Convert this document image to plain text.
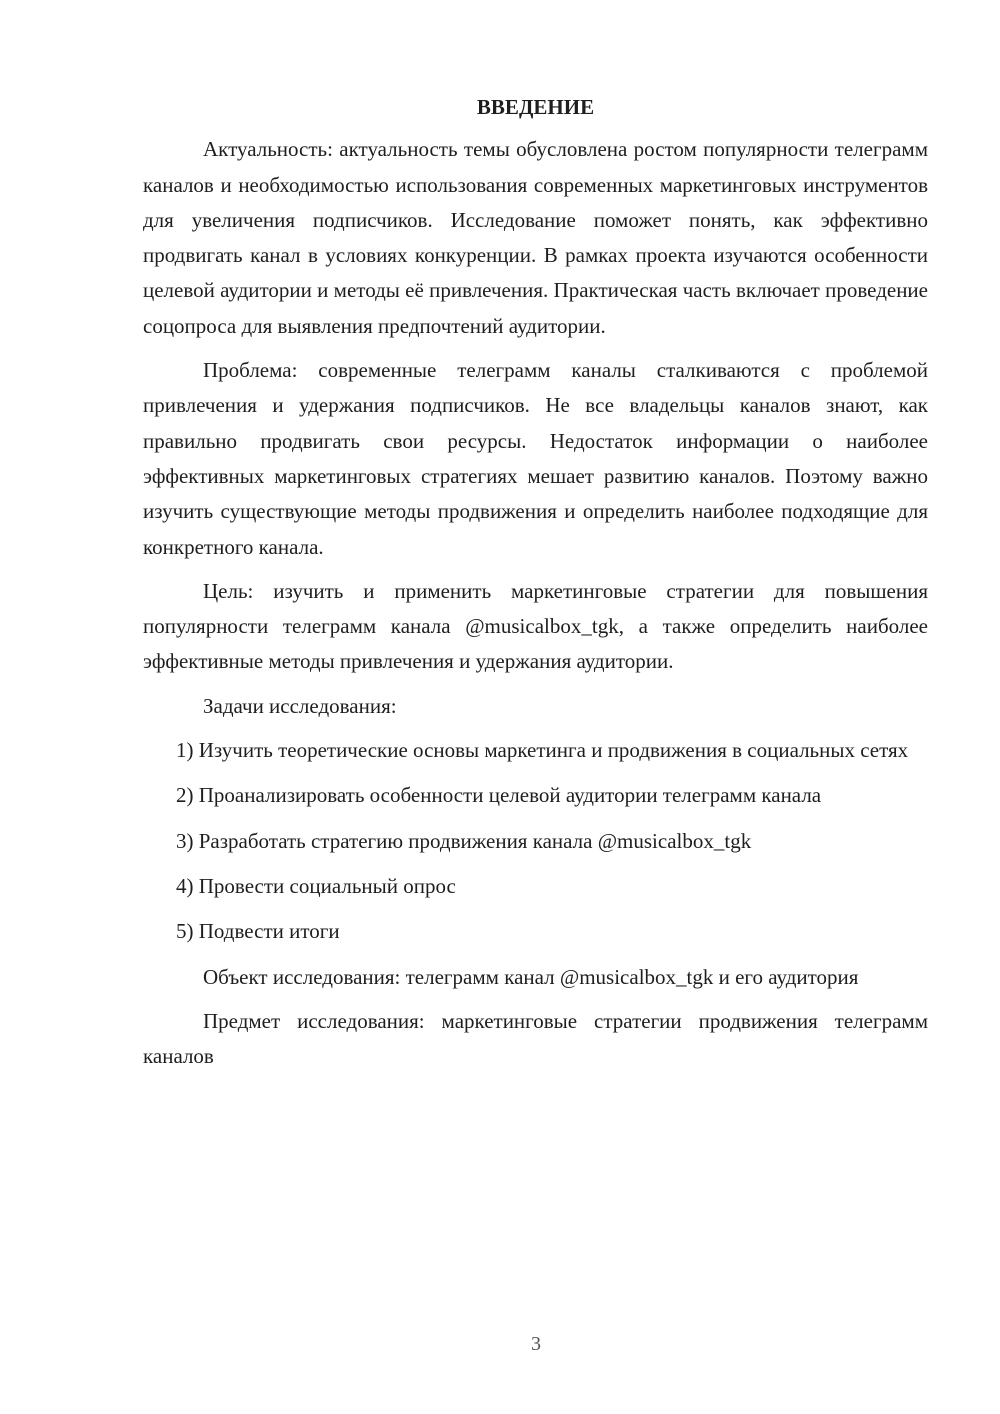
ВВЕДЕНИЕ

Актуальность: актуальность темы обусловлена ростом популярности телеграмм каналов и необходимостью использования современных маркетинговых инструментов для увеличения подписчиков. Исследование поможет понять, как эффективно продвигать канал в условиях конкуренции. В рамках проекта изучаются особенности целевой аудитории и методы её привлечения. Практическая часть включает проведение соцопроса для выявления предпочтений аудитории.

Проблема: современные телеграмм каналы сталкиваются с проблемой привлечения и удержания подписчиков. Не все владельцы каналов знают, как правильно продвигать свои ресурсы. Недостаток информации о наиболее эффективных маркетинговых стратегиях мешает развитию каналов. Поэтому важно изучить существующие методы продвижения и определить наиболее подходящие для конкретного канала.

Цель: изучить и применить маркетинговые стратегии для повышения популярности телеграмм канала @musicalbox_tgk, а также определить наиболее эффективные методы привлечения и удержания аудитории.

Задачи исследования:

1) Изучить теоретические основы маркетинга и продвижения в социальных сетях

2) Проанализировать особенности целевой аудитории телеграмм канала

3) Разработать стратегию продвижения канала @musicalbox_tgk

4) Провести социальный опрос

5) Подвести итоги

Объект исследования: телеграмм канал @musicalbox_tgk и его аудитория

Предмет исследования: маркетинговые стратегии продвижения телеграмм каналов

3
